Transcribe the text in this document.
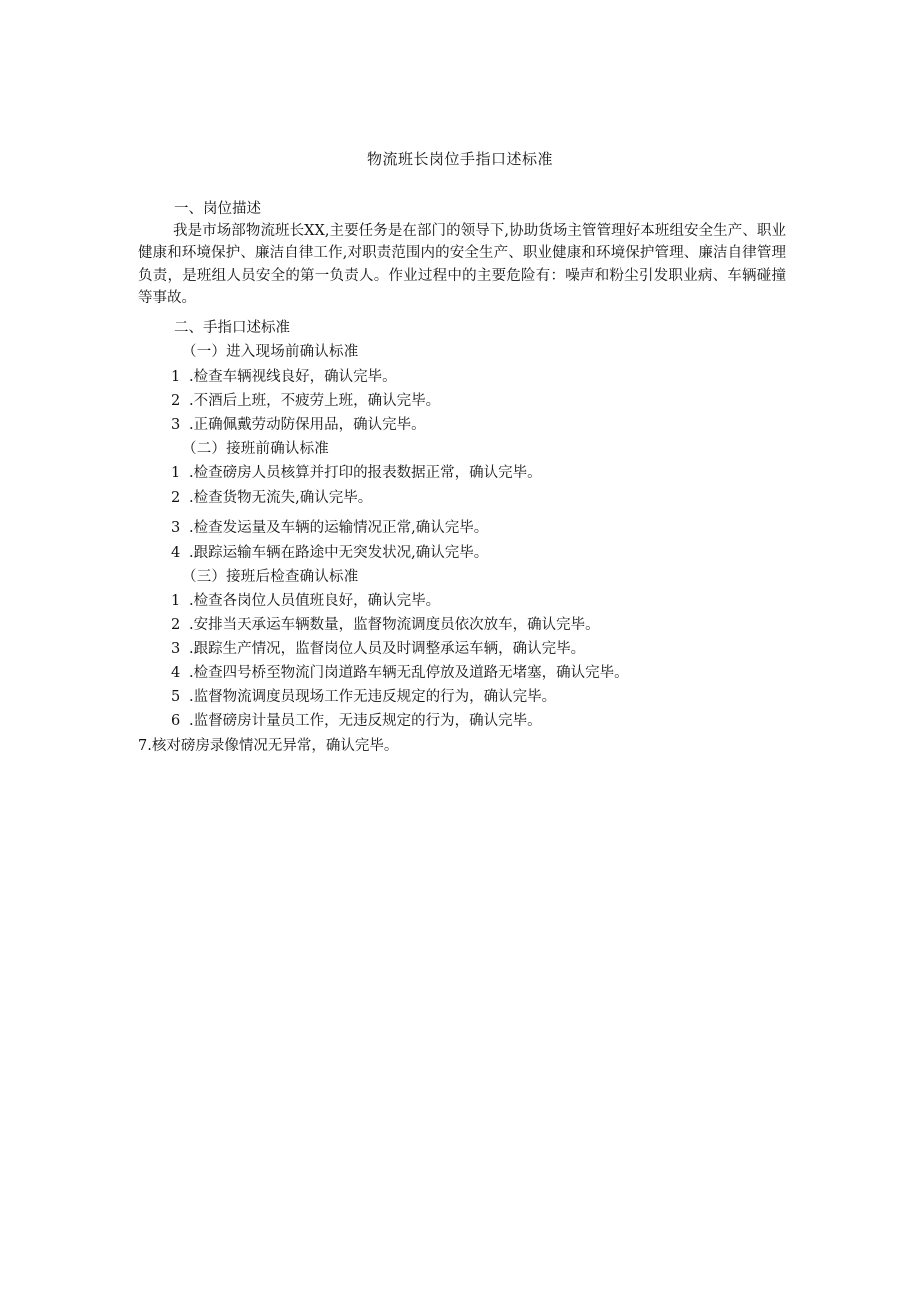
物流班长岗位手指口述标准
一、岗位描述
我是市场部物流班长XX,主要任务是在部门的领导下,协助货场主管管理好本班组安全生产、职业健康和环境保护、廉洁自律工作,对职责范围内的安全生产、职业健康和环境保护管理、廉洁自律管理负责，是班组人员安全的第一负责人。作业过程中的主要危险有：噪声和粉尘引发职业病、车辆碰撞等事故。
二、手指口述标准
（一）进入现场前确认标准
1 .检查车辆视线良好，确认完毕。
2 .不酒后上班，不疲劳上班，确认完毕。
3 .正确佩戴劳动防保用品，确认完毕。
（二）接班前确认标准
1 .检查磅房人员核算并打印的报表数据正常，确认完毕。
2 .检查货物无流失,确认完毕。
3 .检查发运量及车辆的运输情况正常,确认完毕。
4 .跟踪运输车辆在路途中无突发状况,确认完毕。
（三）接班后检查确认标准
1 .检查各岗位人员值班良好，确认完毕。
2 .安排当天承运车辆数量，监督物流调度员依次放车，确认完毕。
3 .跟踪生产情况，监督岗位人员及时调整承运车辆，确认完毕。
4 .检查四号桥至物流门岗道路车辆无乱停放及道路无堵塞，确认完毕。
5 .监督物流调度员现场工作无违反规定的行为，确认完毕。
6 .监督磅房计量员工作，无违反规定的行为，确认完毕。
7.核对磅房录像情况无异常，确认完毕。
